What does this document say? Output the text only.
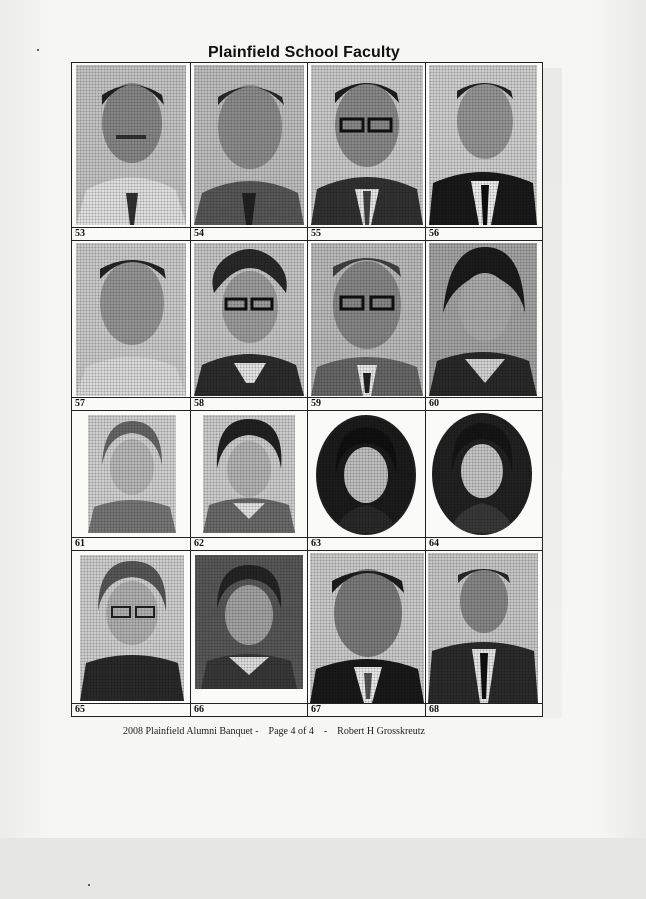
Plainfield School Faculty
53	54	55	56
57	58	59	60
61	62	63	64
65	66	67	68
2008 Plainfield Alumni Banquet - Page 4 of 4 - Robert H Grosskreutz
